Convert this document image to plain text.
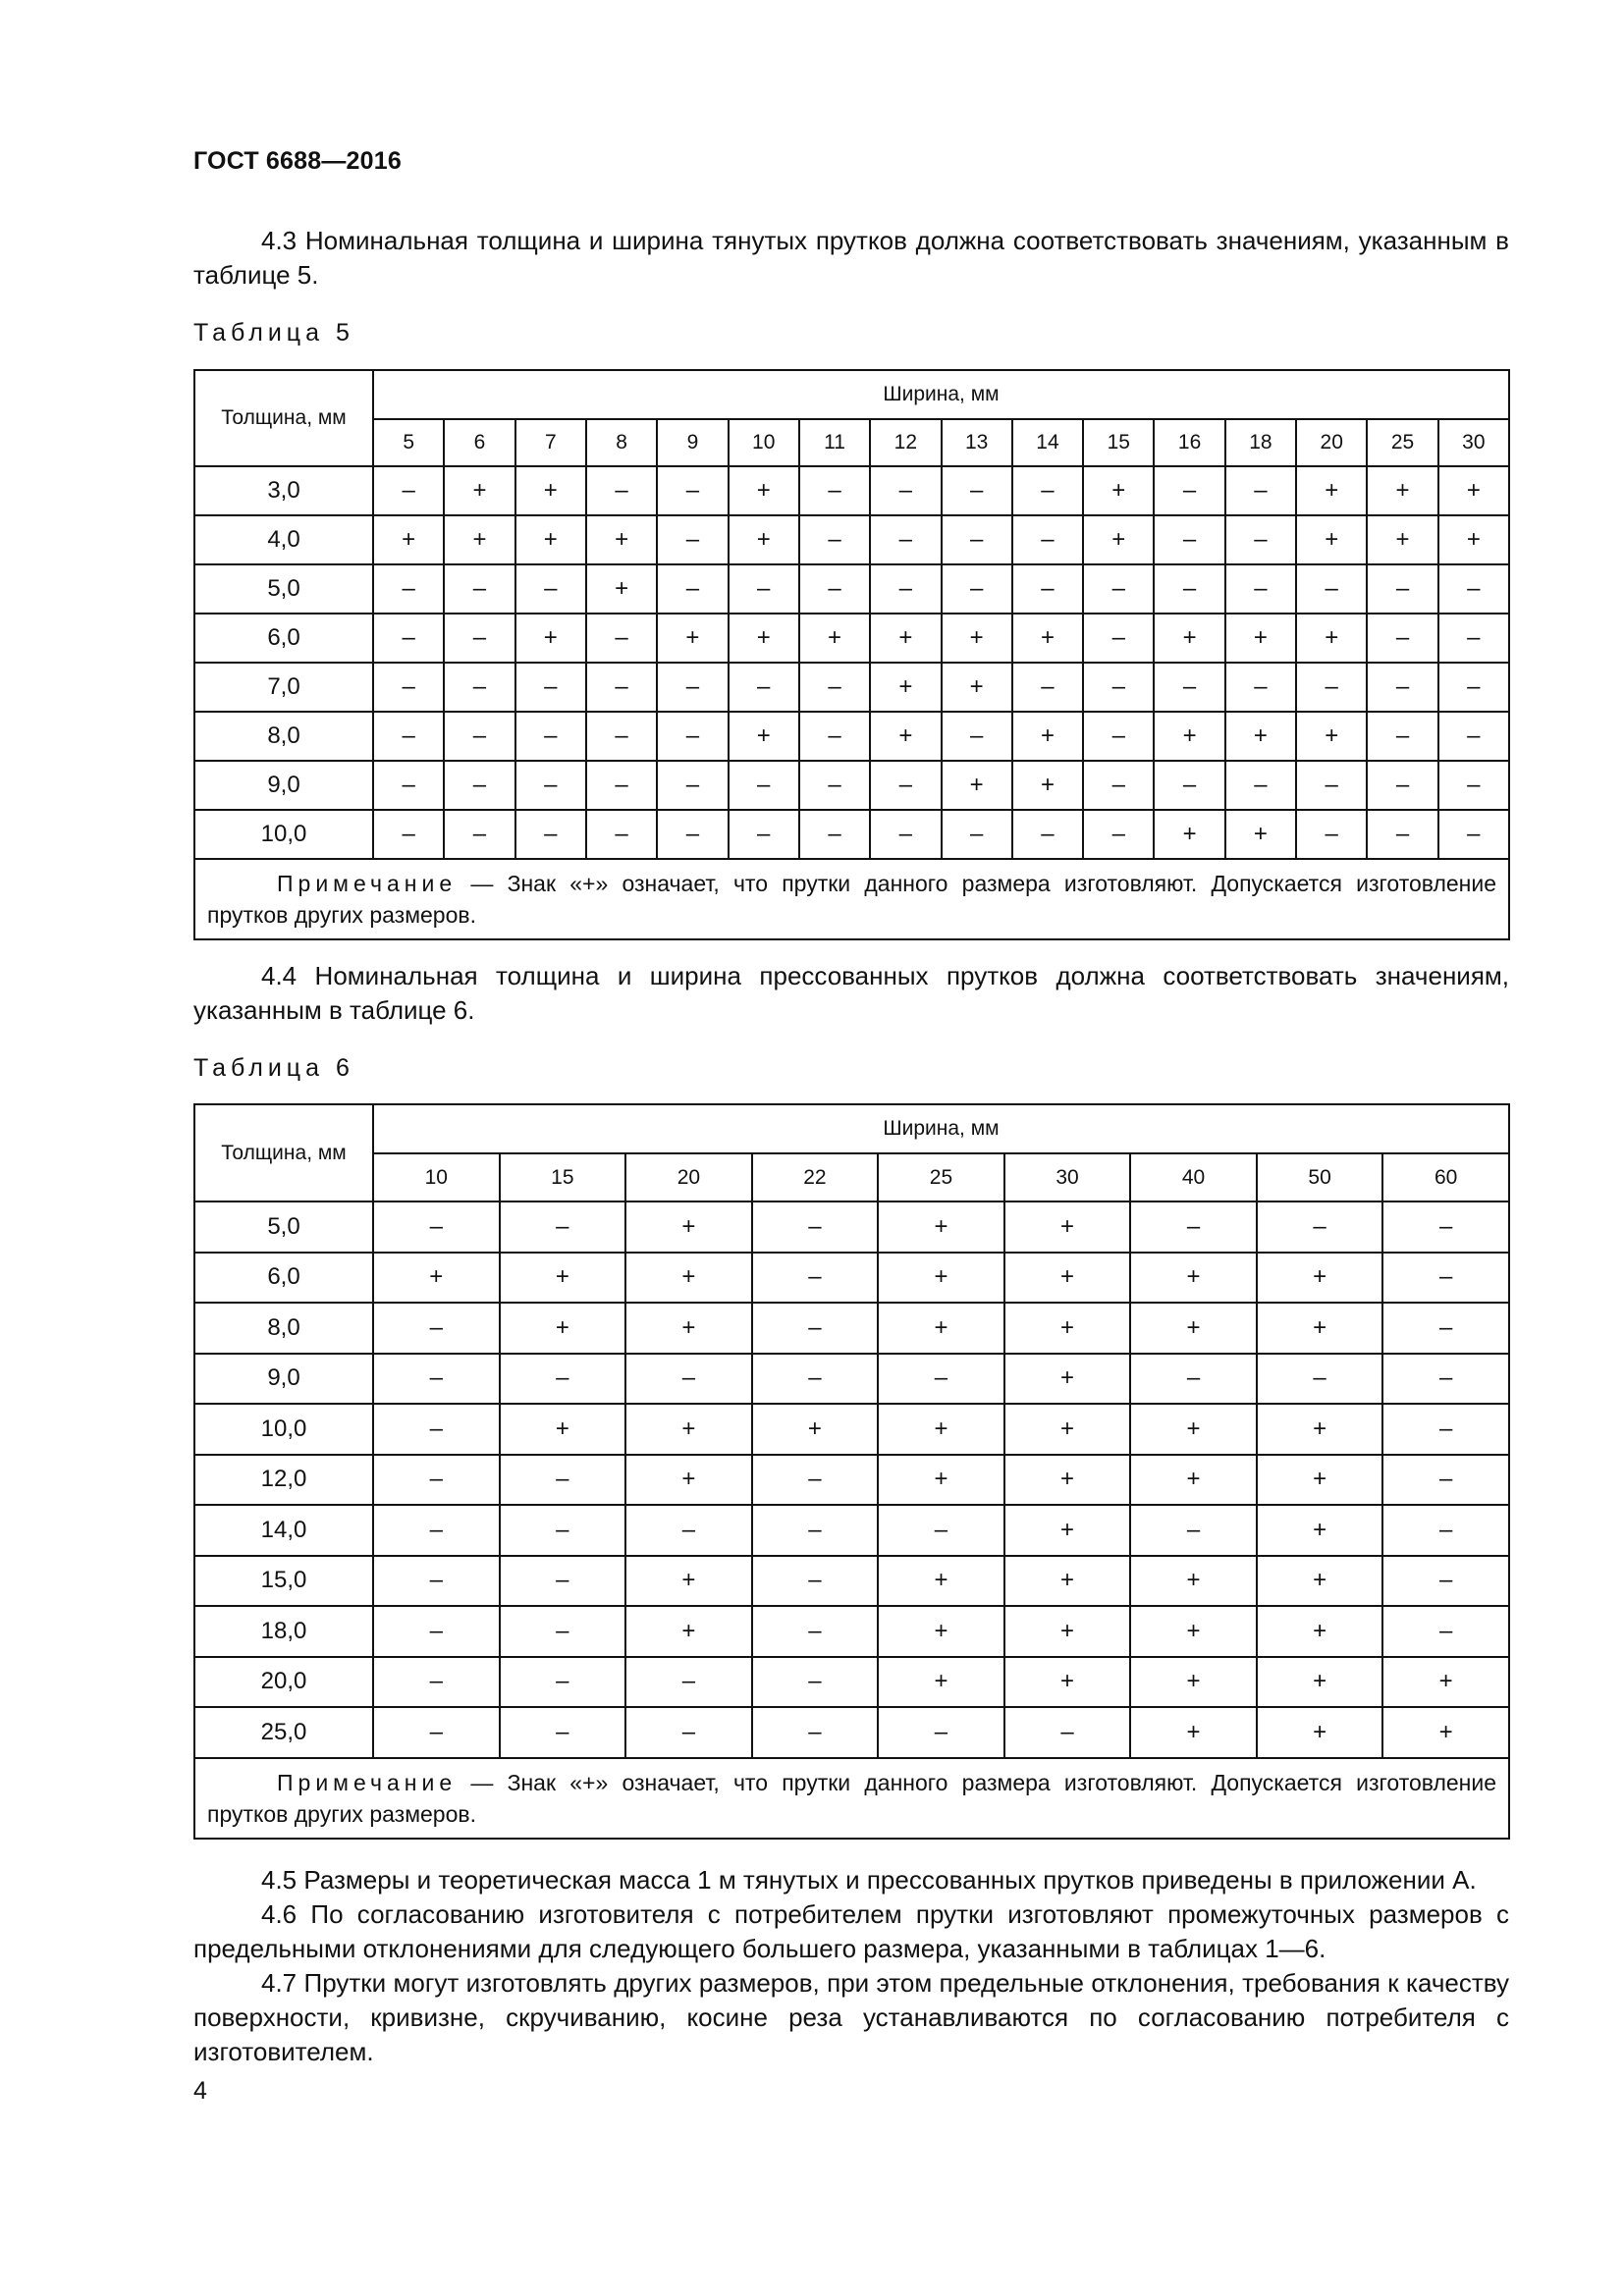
ГОСТ 6688—2016
4.3 Номинальная толщина и ширина тянутых прутков должна соответствовать значениям, указанным в таблице 5.
Таблица 5
Толщина, мм	Ширина, мм															
	5	6	7	8	9	10	11	12	13	14	15	16	18	20	25	30
3,0	–	+	+	–	–	+	–	–	–	–	+	–	–	+	+	+
4,0	+	+	+	+	–	+	–	–	–	–	+	–	–	+	+	+
5,0	–	–	–	+	–	–	–	–	–	–	–	–	–	–	–	–
6,0	–	–	+	–	+	+	+	+	+	+	–	+	+	+	–	–
7,0	–	–	–	–	–	–	–	+	+	–	–	–	–	–	–	–
8,0	–	–	–	–	–	+	–	+	–	+	–	+	+	+	–	–
9,0	–	–	–	–	–	–	–	–	+	+	–	–	–	–	–	–
10,0	–	–	–	–	–	–	–	–	–	–	–	+	+	–	–	–

Примечание — Знак «+» означает, что прутки данного размера изготовляют. Допускается изготовление прутков других размеров.																
4.4 Номинальная толщина и ширина прессованных прутков должна соответствовать значениям, указанным в таблице 6.
Таблица 6
Толщина, мм	Ширина, мм								
	10	15	20	22	25	30	40	50	60
5,0	–	–	+	–	+	+	–	–	–
6,0	+	+	+	–	+	+	+	+	–
8,0	–	+	+	–	+	+	+	+	–
9,0	–	–	–	–	–	+	–	–	–
10,0	–	+	+	+	+	+	+	+	–
12,0	–	–	+	–	+	+	+	+	–
14,0	–	–	–	–	–	+	–	+	–
15,0	–	–	+	–	+	+	+	+	–
18,0	–	–	+	–	+	+	+	+	–
20,0	–	–	–	–	+	+	+	+	+
25,0	–	–	–	–	–	–	+	+	+

Примечание — Знак «+» означает, что прутки данного размера изготовляют. Допускается изготовление прутков других размеров.									
4.5 Размеры и теоретическая масса 1 м тянутых и прессованных прутков приведены в приложении А.
4.6 По согласованию изготовителя с потребителем прутки изготовляют промежуточных размеров с предельными отклонениями для следующего большего размера, указанными в таблицах 1—6.
4.7 Прутки могут изготовлять других размеров, при этом предельные отклонения, требования к качеству поверхности, кривизне, скручиванию, косине реза устанавливаются по согласованию потребителя с изготовителем.
4
